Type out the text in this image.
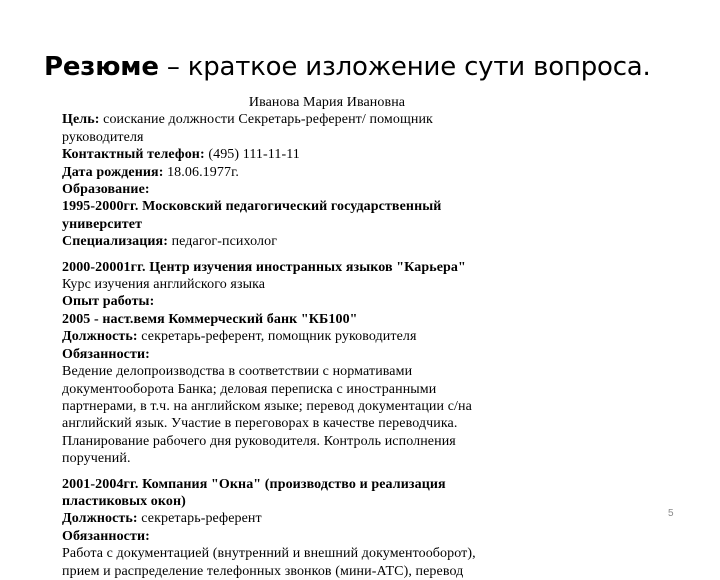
Резюме – краткое изложение сути вопроса.
Иванова Мария Ивановна
Цель: соискание должности Секретарь-референт/ помощник
руководителя
Контактный телефон: (495) 111-11-11
Дата рождения: 18.06.1977г.
Образование:
1995-2000гг. Московский педагогический государственный
университет
Специализация: педагог-психолог
2000-20001гг. Центр изучения иностранных языков "Карьера"
Курс изучения английского языка
Опыт работы:
2005 - наст.вемя Коммерческий банк "КБ100"
Должность: секретарь-референт, помощник руководителя
Обязанности:
Ведение делопроизводства в соответствии с нормативами
документооборота Банка; деловая переписка с иностранными
партнерами, в т.ч. на английском языке; перевод документации с/на
английский язык. Участие в переговорах в качестве переводчика.
Планирование рабочего дня руководителя. Контроль исполнения
поручений.
2001-2004гг. Компания "Окна" (производство и реализация
пластиковых окон)
Должность: секретарь-референт
Обязанности:
Работа с документацией (внутренний и внешний документооборот),
прием и распределение телефонных звонков (мини-АТС), перевод
5
